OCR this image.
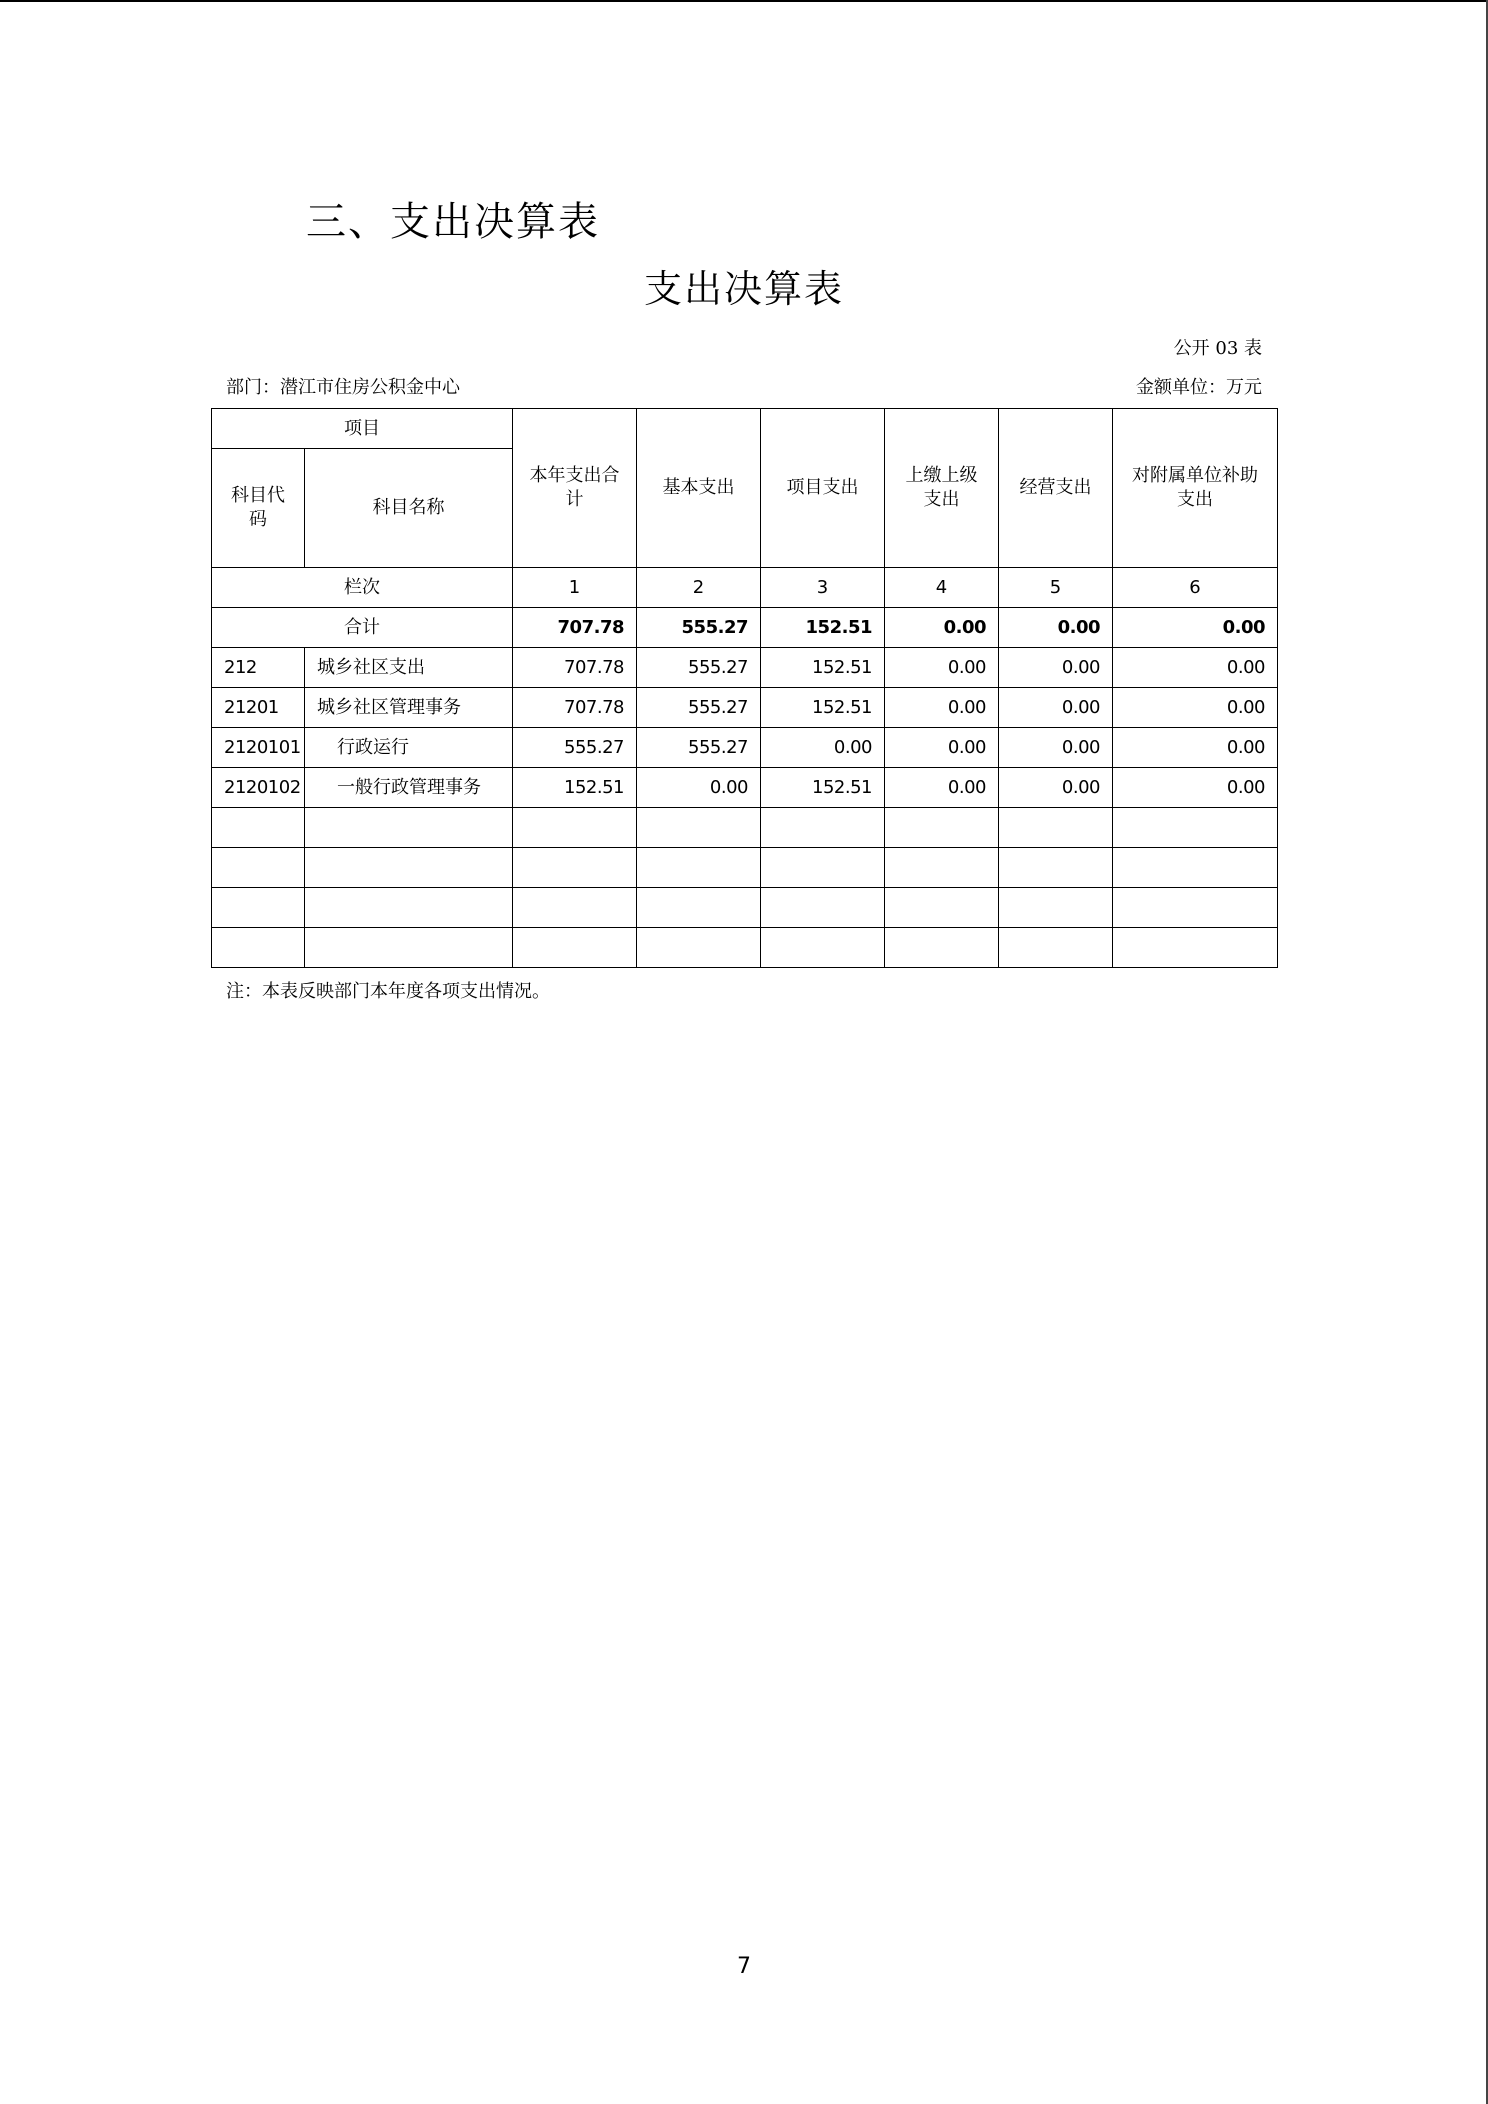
三、支出决算表
支出决算表
公开 03 表
部门：潜江市住房公积金中心	金额单位：万元
项目		本年支出合计	基本支出	项目支出	上缴上级支出	经营支出	对附属单位补助支出
科目代码	科目名称						
栏次		1	2	3	4	5	6
合计		707.78	555.27	152.51	0.00	0.00	0.00
212	城乡社区支出	707.78	555.27	152.51	0.00	0.00	0.00
21201	城乡社区管理事务	707.78	555.27	152.51	0.00	0.00	0.00
2120101	行政运行	555.27	555.27	0.00	0.00	0.00	0.00
2120102	一般行政管理事务	152.51	0.00	152.51	0.00	0.00	0.00

注：本表反映部门本年度各项支出情况。
7
